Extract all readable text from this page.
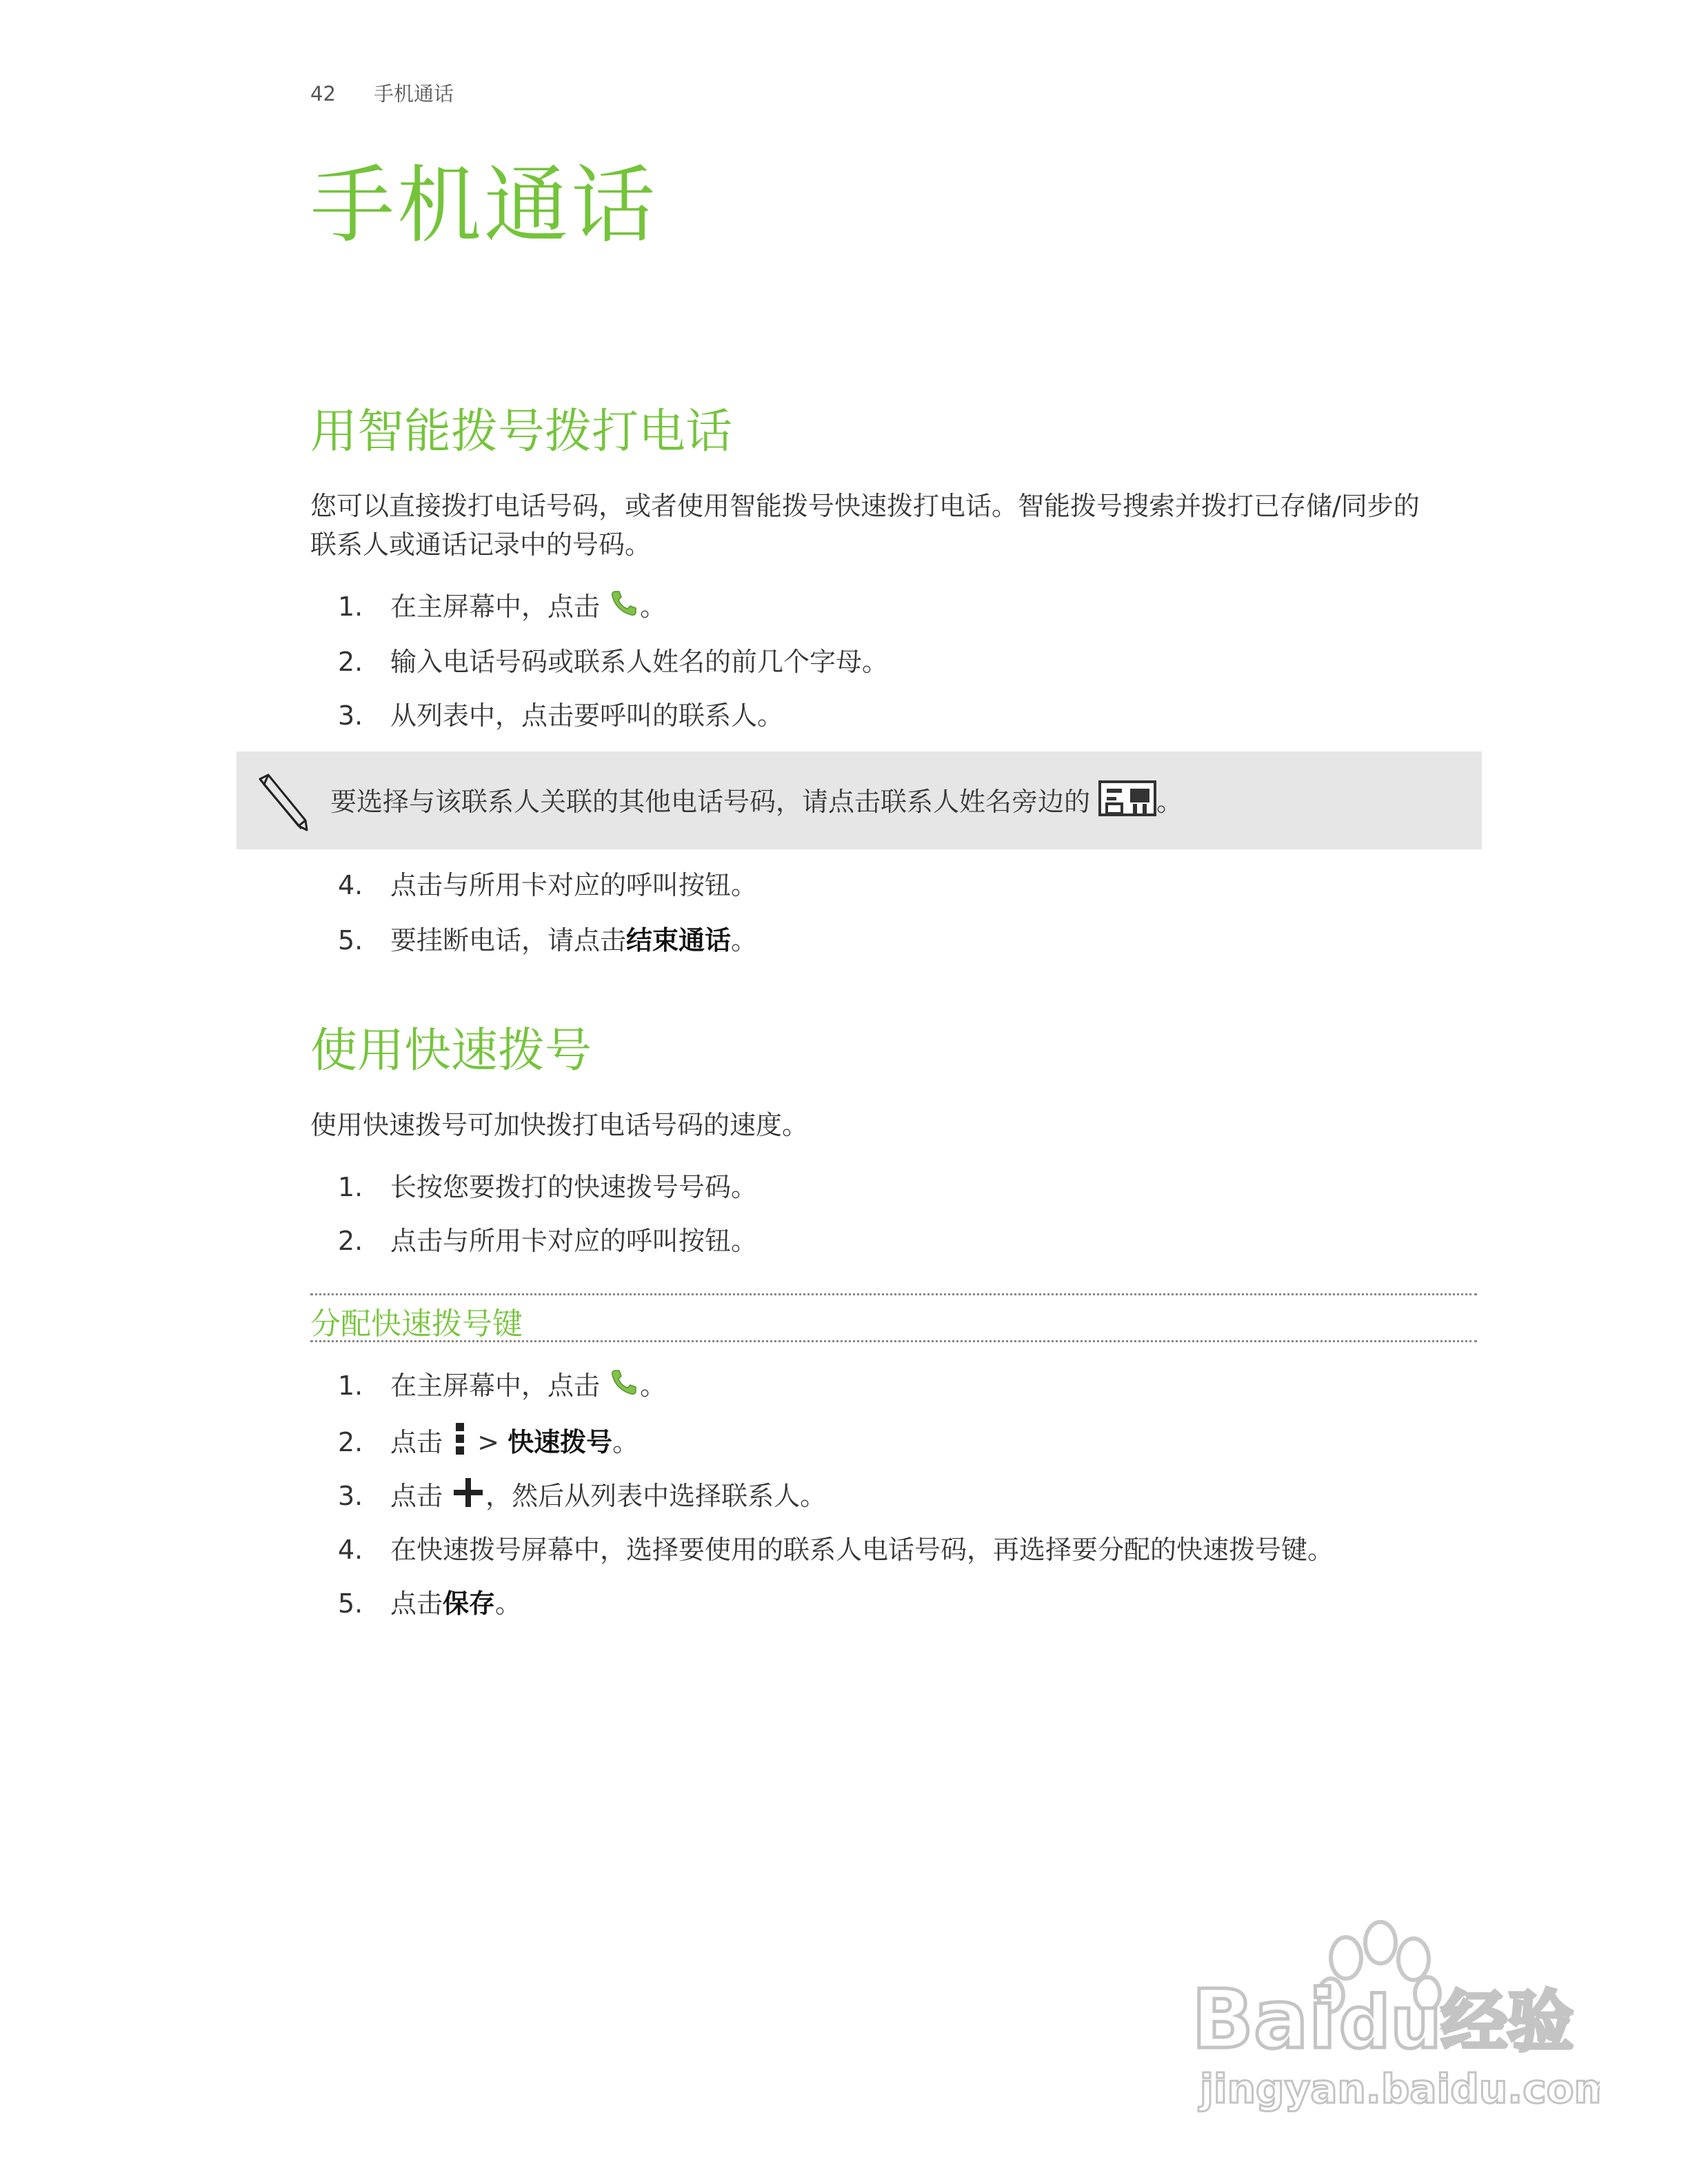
42 手机通话
手机通话
用智能拨号拨打电话
您可以直接拨打电话号码，或者使用智能拨号快速拨打电话。智能拨号搜索并拨打已存储/同步的
联系人或通话记录中的号码。
1. 在主屏幕中，点击 。
2. 输入电话号码或联系人姓名的前几个字母。
3. 从列表中，点击要呼叫的联系人。
要选择与该联系人关联的其他电话号码，请点击联系人姓名旁边的	。
4. 点击与所用卡对应的呼叫按钮。
5. 要挂断电话，请点击结束通话。
使用快速拨号
使用快速拨号可加快拨打电话号码的速度。
1. 长按您要拨打的快速拨号号码。
2. 点击与所用卡对应的呼叫按钮。
分配快速拨号键
1. 在主屏幕中，点击 。
2. 点击  > 快速拨号。
3. 点击 ，然后从列表中选择联系人。
4. 在快速拨号屏幕中，选择要使用的联系人电话号码，再选择要分配的快速拨号键。
5. 点击保存。
Bai du 经验
jingyan.baidu.com
